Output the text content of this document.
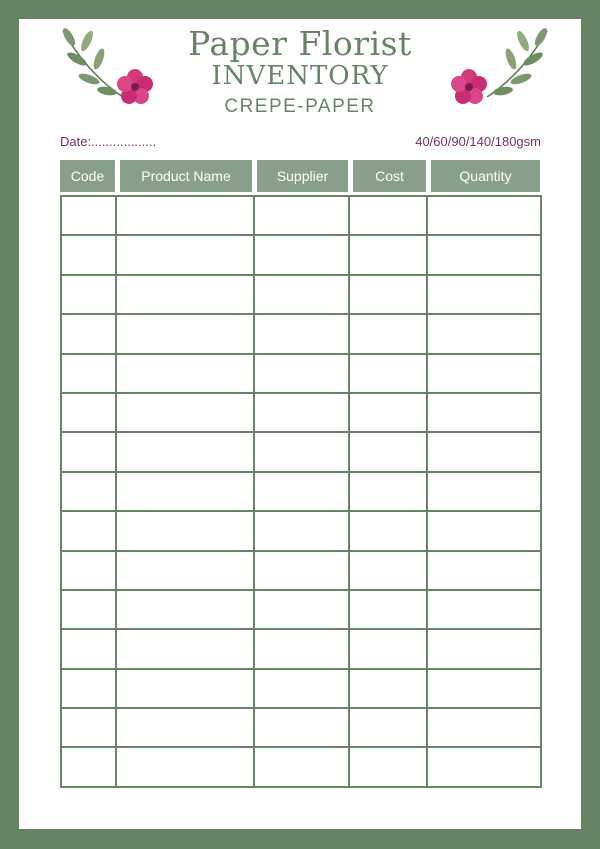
Paper Florist
INVENTORY
CREPE-PAPER
Date:..................	40/60/90/140/180gsm
Code	Product Name	Supplier	Cost	Quantity
